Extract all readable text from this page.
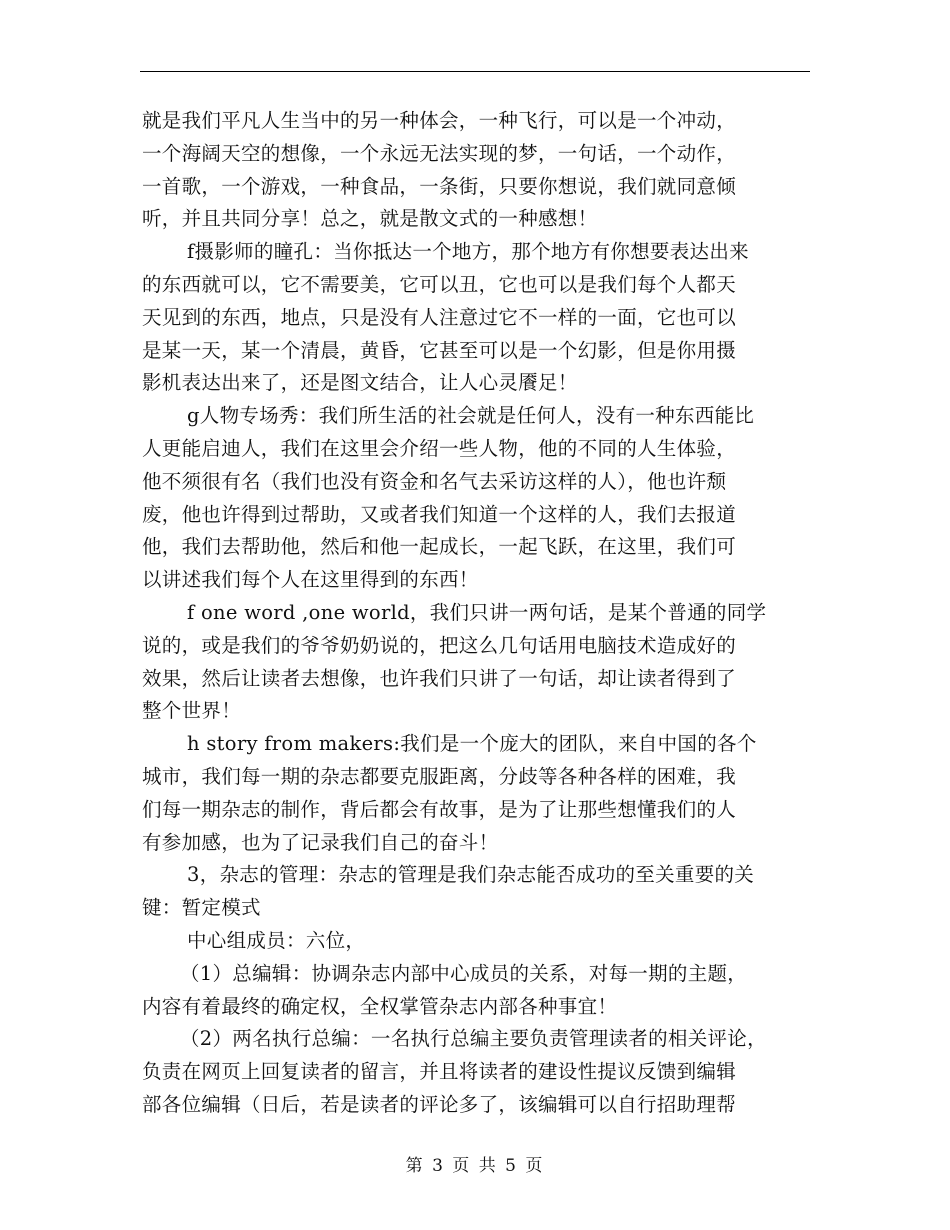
就是我们平凡人生当中的另一种体会，一种飞行，可以是一个冲动，
一个海阔天空的想像，一个永远无法实现的梦，一句话，一个动作，
一首歌，一个游戏，一种食品，一条街，只要你想说，我们就同意倾
听，并且共同分享！总之，就是散文式的一种感想！
f摄影师的瞳孔：当你抵达一个地方，那个地方有你想要表达出来
的东西就可以，它不需要美，它可以丑，它也可以是我们每个人都天
天见到的东西，地点，只是没有人注意过它不一样的一面，它也可以
是某一天，某一个清晨，黄昏，它甚至可以是一个幻影，但是你用摄
影机表达出来了，还是图文结合，让人心灵餍足！
g人物专场秀：我们所生活的社会就是任何人，没有一种东西能比
人更能启迪人，我们在这里会介绍一些人物，他的不同的人生体验，
他不须很有名（我们也没有资金和名气去采访这样的人），他也许颓
废，他也许得到过帮助，又或者我们知道一个这样的人，我们去报道
他，我们去帮助他，然后和他一起成长，一起飞跃，在这里，我们可
以讲述我们每个人在这里得到的东西！
f one word ,one world，我们只讲一两句话，是某个普通的同学
说的，或是我们的爷爷奶奶说的，把这么几句话用电脑技术造成好的
效果，然后让读者去想像，也许我们只讲了一句话，却让读者得到了
整个世界！
h story from makers:我们是一个庞大的团队，来自中国的各个
城市，我们每一期的杂志都要克服距离，分歧等各种各样的困难，我
们每一期杂志的制作，背后都会有故事，是为了让那些想懂我们的人
有参加感，也为了记录我们自己的奋斗！
3，杂志的管理：杂志的管理是我们杂志能否成功的至关重要的关
键：暂定模式
中心组成员：六位，
（1）总编辑：协调杂志内部中心成员的关系，对每一期的主题，
内容有着最终的确定权，全权掌管杂志内部各种事宜！
（2）两名执行总编：一名执行总编主要负责管理读者的相关评论，
负责在网页上回复读者的留言，并且将读者的建设性提议反馈到编辑
部各位编辑（日后，若是读者的评论多了，该编辑可以自行招助理帮
第 3 页 共 5 页
